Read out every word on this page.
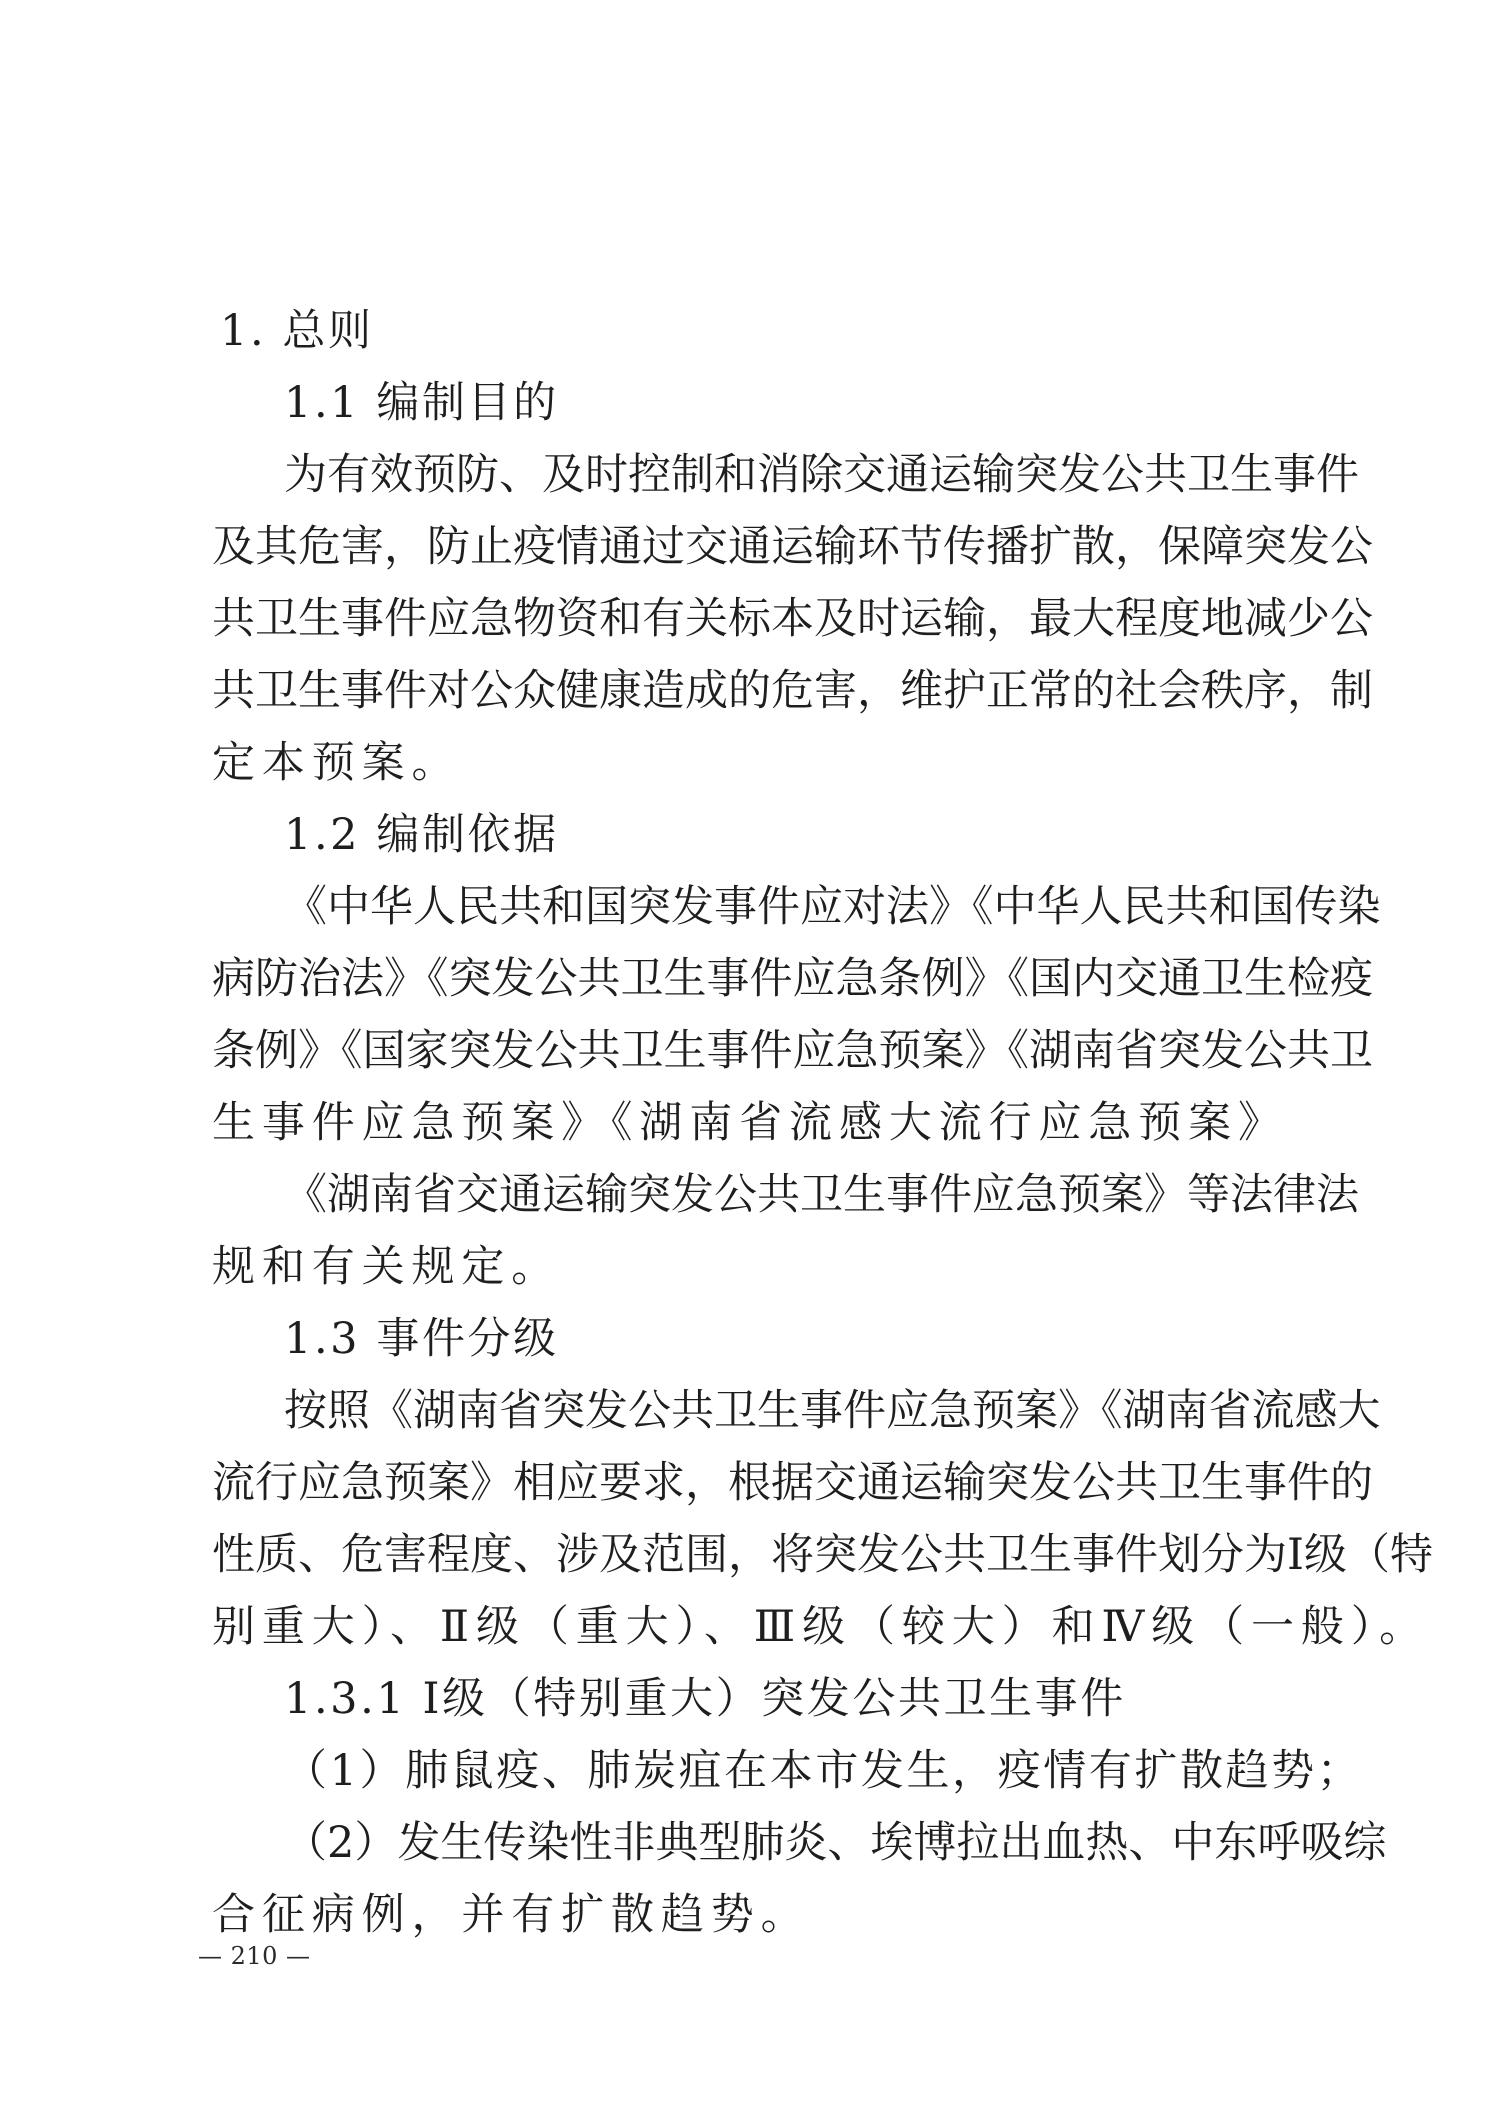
1. 总则
1.1 编制目的
为有效预防、及时控制和消除交通运输突发公共卫生事件
及其危害，防止疫情通过交通运输环节传播扩散，保障突发公
共卫生事件应急物资和有关标本及时运输，最大程度地减少公
共卫生事件对公众健康造成的危害，维护正常的社会秩序，制
定本预案。
1.2 编制依据
《中华人民共和国突发事件应对法》《中华人民共和国传染
病防治法》《突发公共卫生事件应急条例》《国内交通卫生检疫
条例》《国家突发公共卫生事件应急预案》《湖南省突发公共卫
生事件应急预案》《湖南省流感大流行应急预案》
《湖南省交通运输突发公共卫生事件应急预案》等法律法
规和有关规定。
1.3 事件分级
按照《湖南省突发公共卫生事件应急预案》《湖南省流感大
流行应急预案》相应要求，根据交通运输突发公共卫生事件的
性质、危害程度、涉及范围，将突发公共卫生事件划分为Ⅰ级（特
别重大）、Ⅱ级（重大）、Ⅲ级（较大）和Ⅳ级（一般）。
1.3.1 Ⅰ级（特别重大）突发公共卫生事件
（1）肺鼠疫、肺炭疽在本市发生，疫情有扩散趋势；
（2）发生传染性非典型肺炎、埃博拉出血热、中东呼吸综
合征病例，并有扩散趋势。
— 210 —
